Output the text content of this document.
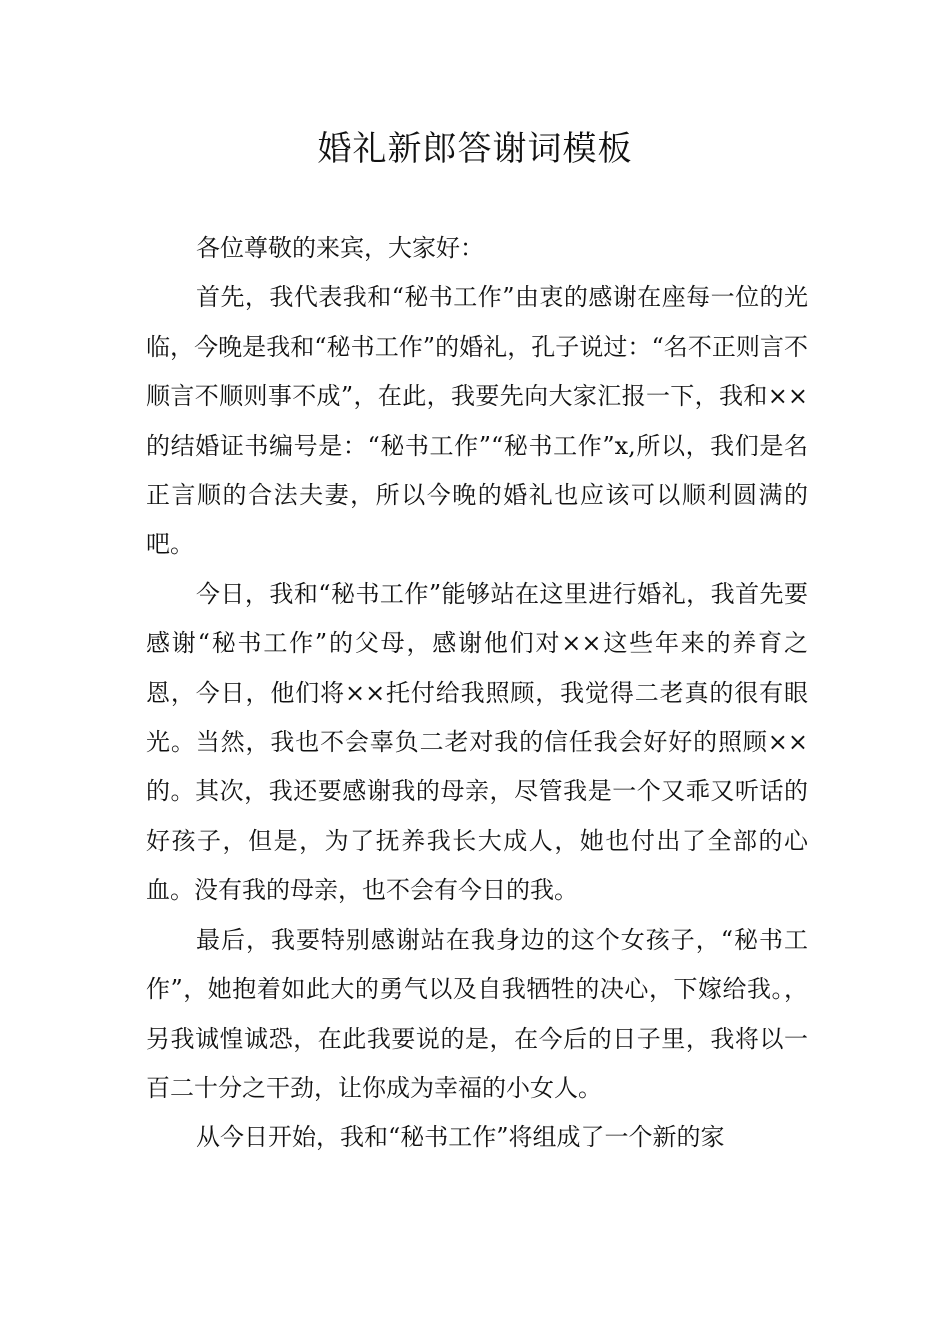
婚礼新郎答谢词模板

各位尊敬的来宾，大家好：

首先，我代表我和“秘书工作”由衷的感谢在座每一位的光临，今晚是我和“秘书工作”的婚礼，孔子说过：“名不正则言不顺言不顺则事不成”，在此，我要先向大家汇报一下，我和××的结婚证书编号是：“秘书工作”“秘书工作”x,所以，我们是名正言顺的合法夫妻，所以今晚的婚礼也应该可以顺利圆满的吧。

今日，我和“秘书工作”能够站在这里进行婚礼，我首先要感谢“秘书工作”的父母，感谢他们对××这些年来的养育之恩，今日，他们将××托付给我照顾，我觉得二老真的很有眼光。当然，我也不会辜负二老对我的信任我会好好的照顾××的。其次，我还要感谢我的母亲，尽管我是一个又乖又听话的好孩子，但是，为了抚养我长大成人，她也付出了全部的心血。没有我的母亲，也不会有今日的我。

最后，我要特别感谢站在我身边的这个女孩子，“秘书工作”，她抱着如此大的勇气以及自我牺牲的决心，下嫁给我。，另我诚惶诚恐，在此我要说的是，在今后的日子里，我将以一百二十分之干劲，让你成为幸福的小女人。

从今日开始，我和“秘书工作”将组成了一个新的家
